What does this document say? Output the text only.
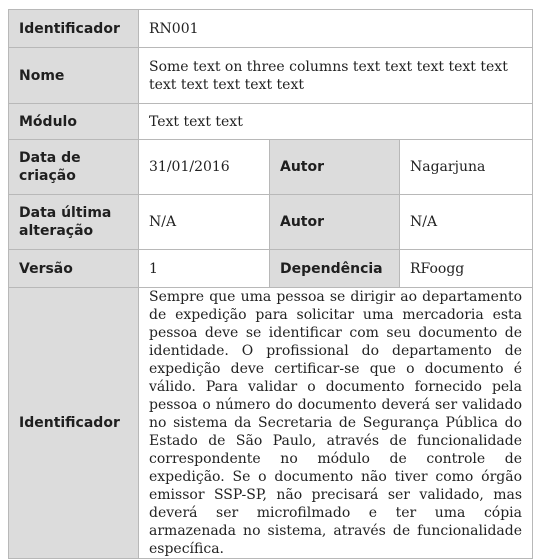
Identificador	RN001		
Nome	Some text on three columns text text text text text text text text text text		
Módulo	Text text text		
Data de criação	31/01/2016	Autor	Nagarjuna
Data última alteração	N/A	Autor	N/A
Versão	1	Dependência	RFoogg
Identificador	Sempre que uma pessoa se dirigir ao departamento de expedição para solicitar uma mercadoria esta pessoa deve se identificar com seu documento de identidade. O profissional do departamento de expedição deve certificar-se que o documento é válido. Para validar o documento fornecido pela pessoa o número do documento deverá ser validado no sistema da Secretaria de Segurança Pública do Estado de São Paulo, através de funcionalidade correspondente no módulo de controle de expedição. Se o documento não tiver como órgão emissor SSP-SP, não precisará ser validado, mas deverá ser microfilmado e ter uma cópia armazenada no sistema, através de funcionalidade específica.		
